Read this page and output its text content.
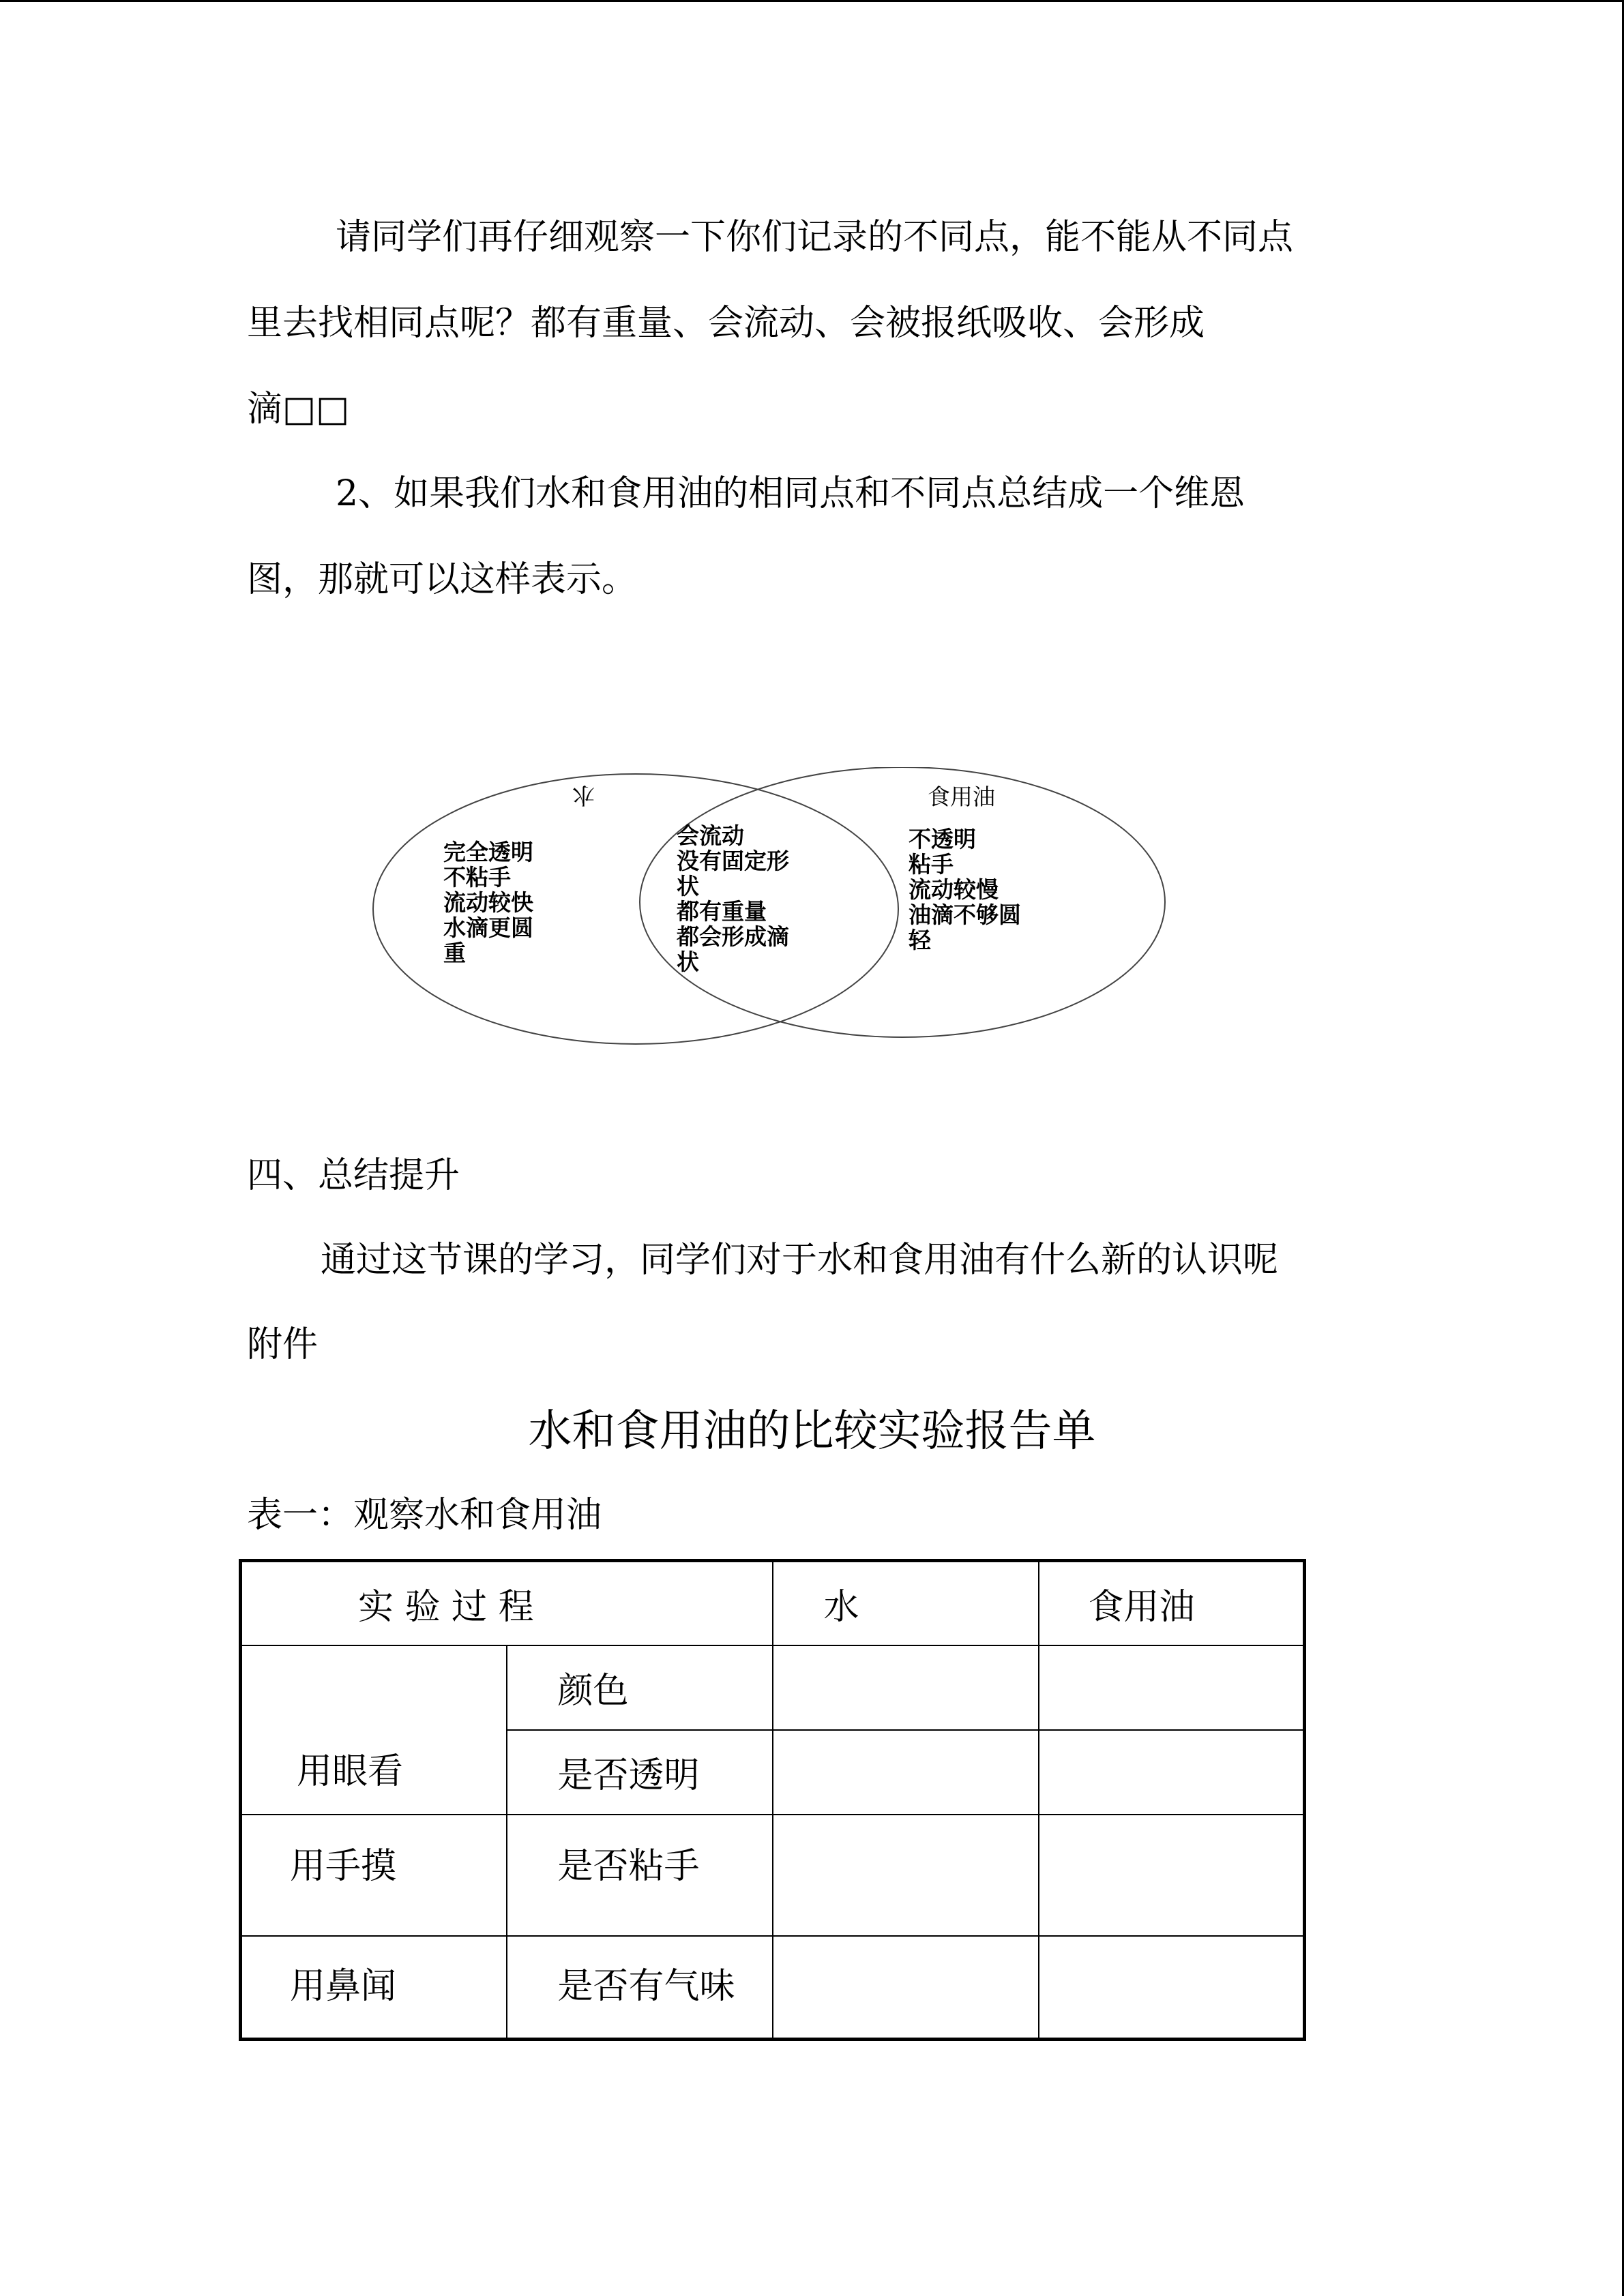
请同学们再仔细观察一下你们记录的不同点，能不能从不同点
里去找相同点呢？都有重量、会流动、会被报纸吸收、会形成
滴□□
2、如果我们水和食用油的相同点和不同点总结成一个维恩
图，那就可以这样表示。
水	食用油
完全透明
不粘手
流动较快
水滴更圆
重
会流动
没有固定形
状
都有重量
都会形成滴
状
不透明
粘手
流动较慢
油滴不够圆
轻
四、总结提升
通过这节课的学习，同学们对于水和食用油有什么新的认识呢
附件
水和食用油的比较实验报告单
表一：观察水和食用油
实 验 过 程		水	食用油

用眼看	颜色		

	是否透明		

用手摸	是否粘手		

用鼻闻	是否有气味		
